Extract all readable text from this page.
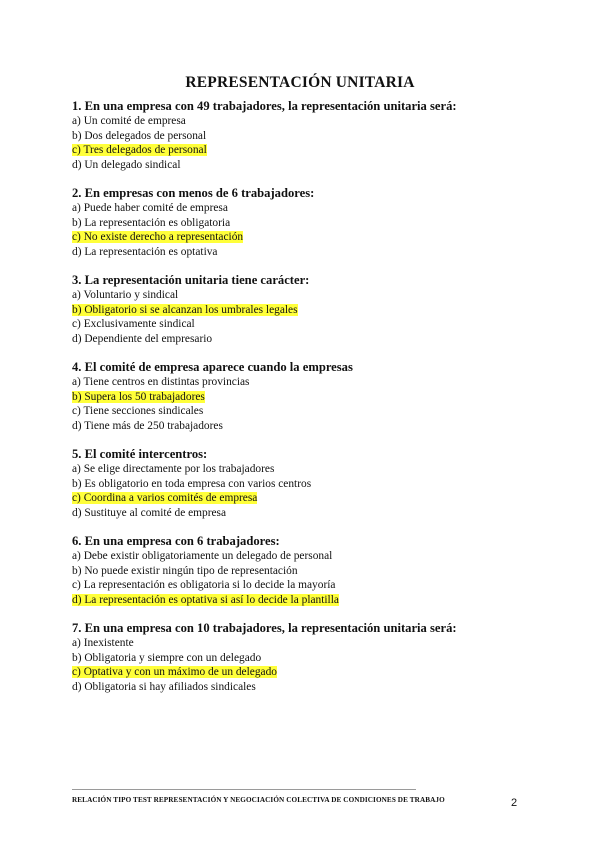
REPRESENTACIÓN UNITARIA
1. En una empresa con 49 trabajadores, la representación unitaria será:
a) Un comité de empresa
b) Dos delegados de personal
c) Tres delegados de personal
d) Un delegado sindical
2. En empresas con menos de 6 trabajadores:
a) Puede haber comité de empresa
b) La representación es obligatoria
c) No existe derecho a representación
d) La representación es optativa
3. La representación unitaria tiene carácter:
a) Voluntario y sindical
b) Obligatorio si se alcanzan los umbrales legales
c) Exclusivamente sindical
d) Dependiente del empresario
4. El comité de empresa aparece cuando la empresas
a) Tiene centros en distintas provincias
b) Supera los 50 trabajadores
c) Tiene secciones sindicales
d) Tiene más de 250 trabajadores
5. El comité intercentros:
a) Se elige directamente por los trabajadores
b) Es obligatorio en toda empresa con varios centros
c) Coordina a varios comités de empresa
d) Sustituye al comité de empresa
6. En una empresa con 6 trabajadores:
a) Debe existir obligatoriamente un delegado de personal
b) No puede existir ningún tipo de representación
c) La representación es obligatoria si lo decide la mayoría
d) La representación es optativa si así lo decide la plantilla
7. En una empresa con 10 trabajadores, la representación unitaria será:
a) Inexistente
b) Obligatoria y siempre con un delegado
c) Optativa y con un máximo de un delegado
d) Obligatoria si hay afiliados sindicales
RELACIÓN TIPO TEST REPRESENTACIÓN Y NEGOCIACIÓN COLECTIVA DE CONDICIONES DE TRABAJO	2
